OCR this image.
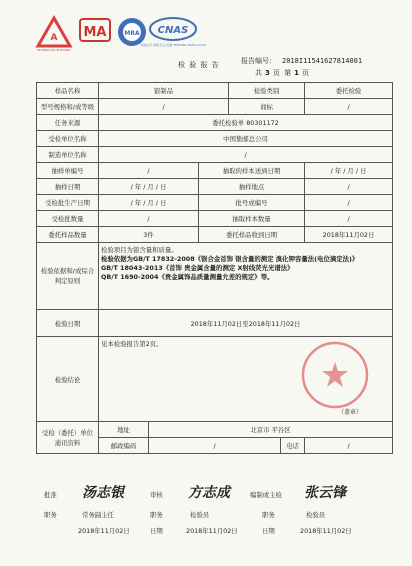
A
ZHONGGUO ZHILIANG
MA	MRA CNAS
中国认可 国际互认 检测 TESTING CNAS L2739
报告编号： 2018I11541627814001
检 验 报 告
共 3 页 第 1 页
样品名称	银制品			检验类别		委托检验
型号规格和/或等级	/			商标		/
任务来源	委托检验单 80301172					
受检单位名称	中国集邮总公司					
制造单位名称	/					
抽样单编号	/		抽取的样本送到日期			/ 年 / 月 / 日
抽样日期	/ 年 / 月 / 日		抽样地点			/
受检批生产日期	/ 年 / 月 / 日		批号或编号			/
受检批数量	/		抽取样本数量			/
委托样品数量	3件		委托样品收到日期			2018年11月02日
检验依据和/或综合判定原则	检验项目为银含量和质量。
检验依据为GB/T 17832-2008《银合金首饰 银含量的测定 溴化钾容量法(电位滴定法)》
GB/T 18043-2013《首饰 贵金属含量的测定 X射线荧光光谱法》
QB/T 1690-2004《贵金属饰品质量测量允差的规定》等。					

检验日期	2018年11月02日至2018年11月02日					
检验结论	见本检验报告第2页。
（盖章）					

受检（委托）单位通讯资料	地址	北京市 平谷区				
	邮政编码	/			电话	/
批准 汤志银	审核 方志成	编制或主检 张云锋
职务	常务副主任	职务	检验员	职务	检验员
2018年11月02日	日期	2018年11月02日	日期	2018年11月02日
